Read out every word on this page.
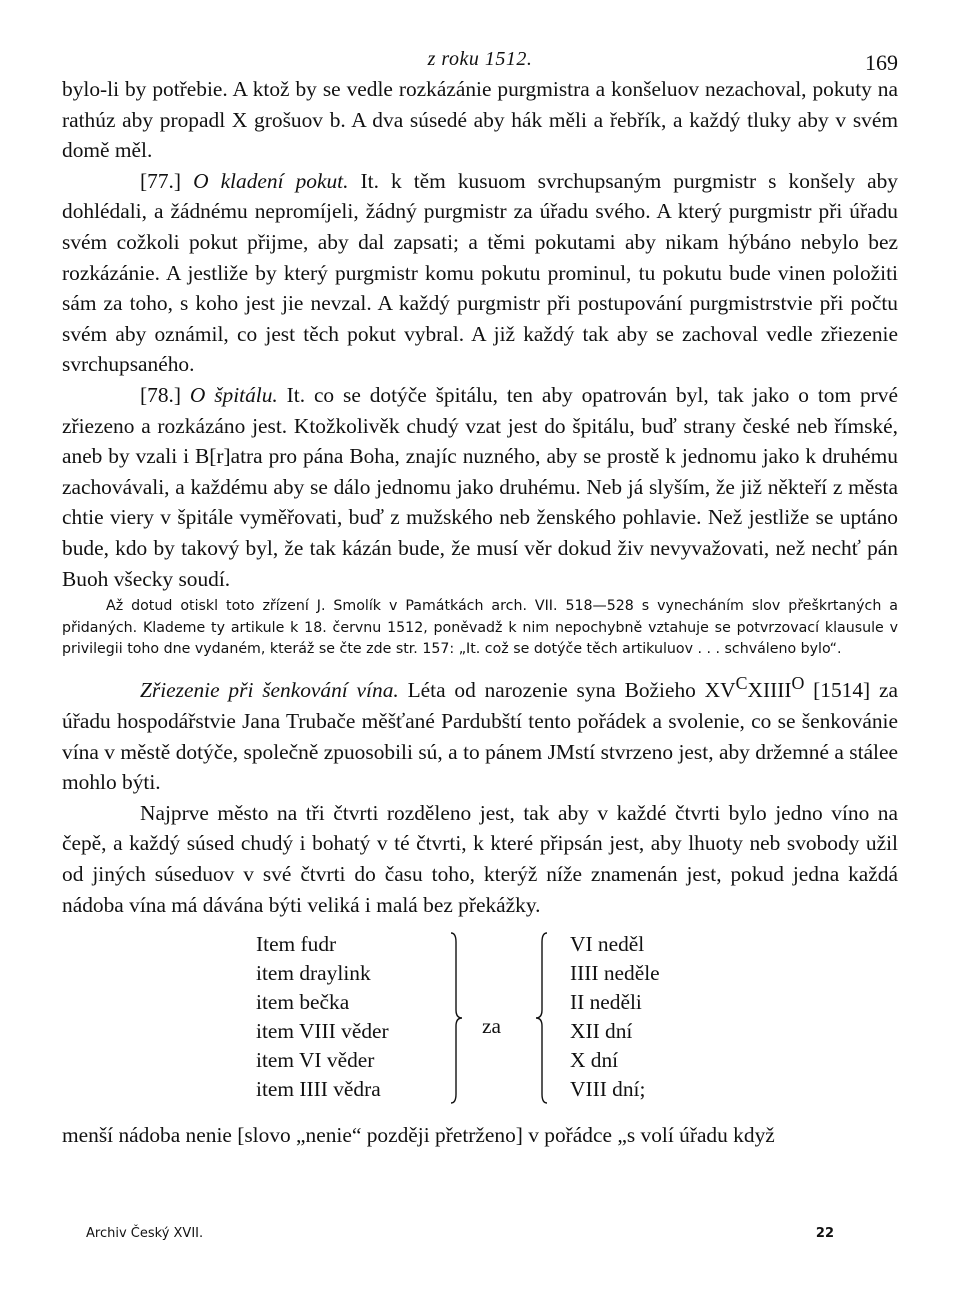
z roku 1512.	169

bylo-li by potřebie. A ktož by se vedle rozkázánie purgmistra a konšeluov nezachoval, pokuty na rathúz aby propadl X grošuov b. A dva súsedé aby hák měli a řebřík, a každý tluky aby v svém domě měl.

[77.] O kladení pokut. It. k těm kusuom svrchupsaným purgmistr s konšely aby dohlédali, a žádnému nepromíjeli, žádný purgmistr za úřadu svého. A který purgmistr při úřadu svém cožkoli pokut přijme, aby dal zapsati; a těmi pokutami aby nikam hýbáno nebylo bez rozkázánie. A jestliže by který purgmistr komu pokutu prominul, tu pokutu bude vinen položiti sám za toho, s koho jest jie nevzal. A každý purgmistr při postupování purgmistrstvie při počtu svém aby oznámil, co jest těch pokut vybral. A již každý tak aby se zachoval vedle zřiezenie svrchupsaného.

[78.] O špitálu. It. co se dotýče špitálu, ten aby opatrován byl, tak jako o tom prvé zřiezeno a rozkázáno jest. Ktožkolivěk chudý vzat jest do špitálu, buď strany české neb římské, aneb by vzali i B[r]atra pro pána Boha, znajíc nuzného, aby se prostě k jednomu jako k druhému zachovávali, a každému aby se dálo jednomu jako druhému. Neb já slyším, že již někteří z města chtie viery v špitále vyměřovati, buď z mužského neb ženského pohlavie. Než jestliže se uptáno bude, kdo by takový byl, že tak kázán bude, že musí věr dokud živ nevyvažovati, než nechť pán Buoh všecky soudí.

Až dotud otiskl toto zřízení J. Smolík v Památkách arch. VII. 518—528 s vynecháním slov přeškrtaných a přidaných. Klademe ty artikule k 18. červnu 1512, poněvadž k nim nepochybně vztahuje se potvrzovací klausule v privilegii toho dne vydaném, kteráž se čte zde str. 157: „It. což se dotýče těch artikuluov . . . schváleno bylo“.

Zřiezenie při šenkování vína. Léta od narozenie syna Božieho $XV^CXIIII^O$ [1514] za úřadu hospodářstvie Jana Trubače měšťané Pardubští tento pořádek a svolenie, co se šenkovánie vína v městě dotýče, společně zpuosobili sú, a to pánem JMstí stvrzeno jest, aby držemné a stálee mohlo býti.

Najprve město na tři čtvrti rozděleno jest, tak aby v každé čtvrti bylo jedno víno na čepě, a každý súsed chudý i bohatý v té čtvrti, k které připsán jest, aby lhuoty neb svobody užil od jiných súseduov v své čtvrti do času toho, kterýž níže znamenán jest, pokud jedna každá nádoba vína má dávána býti veliká i malá bez překážky.

Item fudr
item draylink
item bečka
item VIII věder
item VI věder
item IIII vědra
za
VI neděl
IIII neděle
II neděli
XII dní
X dní
VIII dní;

menší nádoba nenie [slovo „nenie“ později přetrženo] v pořádce „s volí úřadu když

Archiv Český XVII.	22
